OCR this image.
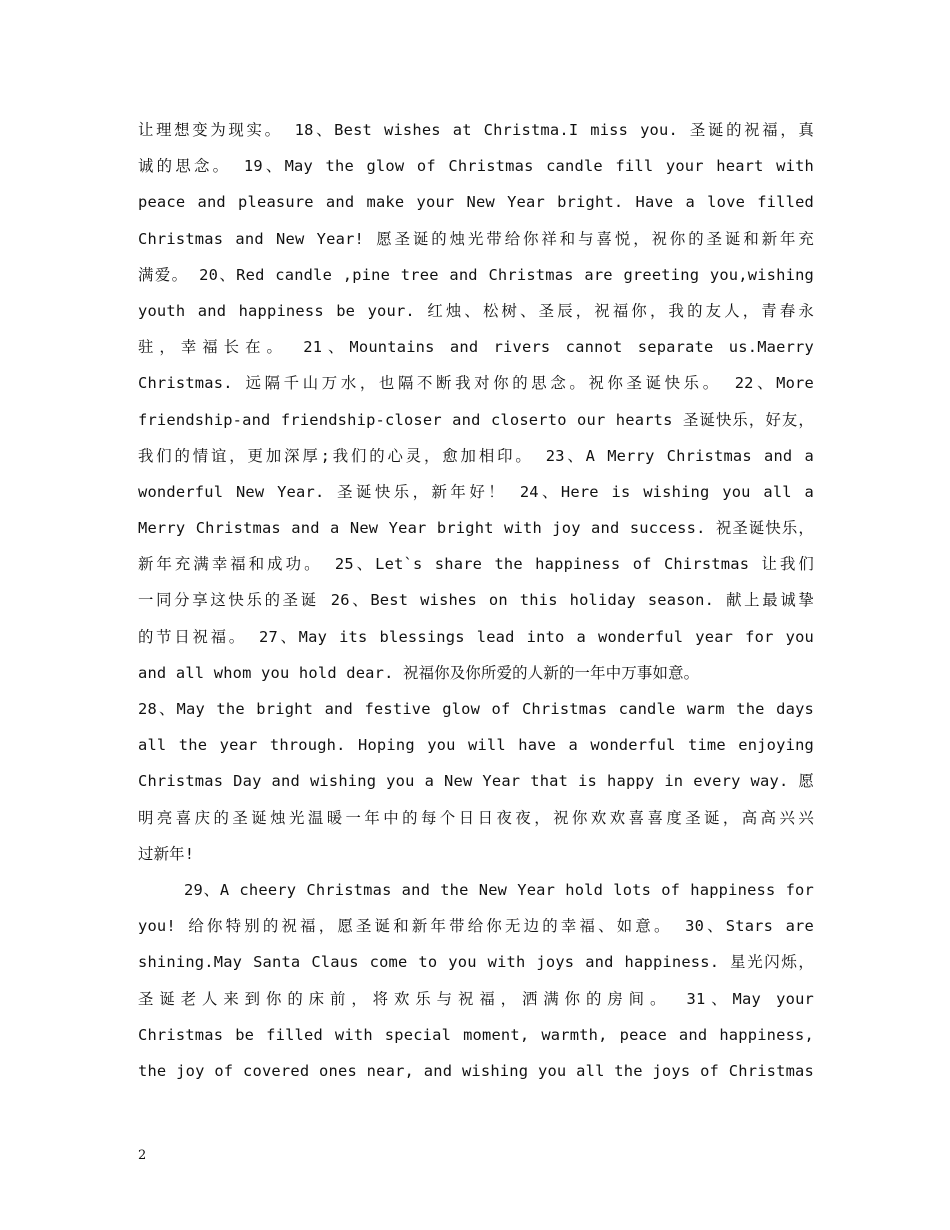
让理想变为现实。 18、Best wishes at Christma.I miss you. 圣诞的祝福，真
诚的思念。 19、May the glow of Christmas candle fill your heart with
peace and pleasure and make your New Year bright. Have a love filled
Christmas and New Year! 愿圣诞的烛光带给你祥和与喜悦，祝你的圣诞和新年充
满爱。 20、Red candle ,pine tree and Christmas are greeting you,wishing
youth and happiness be your. 红烛、松树、圣辰，祝福你，我的友人，青春永
驻，幸福长在。 21、Mountains and rivers cannot separate us.Maerry
Christmas. 远隔千山万水，也隔不断我对你的思念。祝你圣诞快乐。 22、More
friendship-and friendship-closer and closerto our hearts 圣诞快乐，好友，
我们的情谊，更加深厚;我们的心灵，愈加相印。 23、A Merry Christmas and a
wonderful New Year. 圣诞快乐，新年好！ 24、Here is wishing you all a
Merry Christmas and a New Year bright with joy and success. 祝圣诞快乐，
新年充满幸福和成功。 25、Let`s share the happiness of Chirstmas 让我们
一同分享这快乐的圣诞 26、Best wishes on this holiday season. 献上最诚挚
的节日祝福。 27、May its blessings lead into a wonderful year for you
and all whom you hold dear. 祝福你及你所爱的人新的一年中万事如意。
28、May the bright and festive glow of Christmas candle warm the days
all the year through. Hoping you will have a wonderful time enjoying
Christmas Day and wishing you a New Year that is happy in every way. 愿
明亮喜庆的圣诞烛光温暖一年中的每个日日夜夜，祝你欢欢喜喜度圣诞，高高兴兴
过新年!
29、A cheery Christmas and the New Year hold lots of happiness for
you! 给你特别的祝福，愿圣诞和新年带给你无边的幸福、如意。 30、Stars are
shining.May Santa Claus come to you with joys and happiness. 星光闪烁，
圣诞老人来到你的床前，将欢乐与祝福，洒满你的房间。 31、May your
Christmas be filled with special moment, warmth, peace and happiness,
the joy of covered ones near, and wishing you all the joys of Christmas
2
